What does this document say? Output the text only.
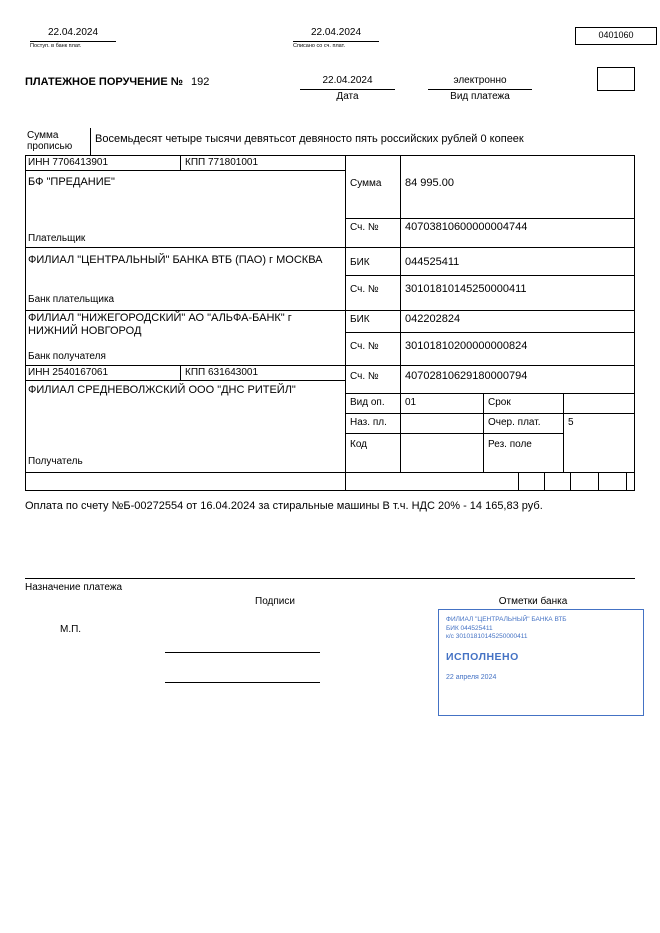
22.04.2024
Поступ. в банк плат.
22.04.2024
Списано со сч. плат.
0401060
ПЛАТЕЖНОЕ ПОРУЧЕНИЕ № 192	22.04.2024
Дата
электронно
Вид платежа
Сумма прописью
Восемьдесят четыре тысячи девятьсот девяносто пять российских рублей 0 копеек
ИНН 7706413901	КПП 771801001
БФ "ПРЕДАНИЕ"
Плательщик
Сумма 84 995.00
Сч. № 40703810600000004744
ФИЛИАЛ "ЦЕНТРАЛЬНЫЙ" БАНКА ВТБ (ПАО) г МОСКВА
Банк плательщика
БИК	044525411
Сч. № 30101810145250000411
ФИЛИАЛ "НИЖЕГОРОДСКИЙ" АО "АЛЬФА-БАНК" г НИЖНИЙ НОВГОРОД
Банк получателя
БИК	042202824
Сч. № 30101810200000000824
ИНН 2540167061	КПП 631643001
ФИЛИАЛ СРЕДНЕВОЛЖСКИЙ ООО "ДНС РИТЕЙЛ"
Получатель
Сч. № 40702810629180000794
Вид оп. 01	Срок
Наз. пл.	Очер. плат.	5
Код	Рез. поле
Оплата по счету №Б-00272554 от 16.04.2024 за стиральные машины В т.ч. НДС 20% - 14 165,83 руб.
Назначение платежа
Подписи	Отметки банка
М.П.
ФИЛИАЛ "ЦЕНТРАЛЬНЫЙ" БАНКА ВТБ
БИК 044525411
к/с 30101810145250000411
ИСПОЛНЕНО
22 апреля 2024
